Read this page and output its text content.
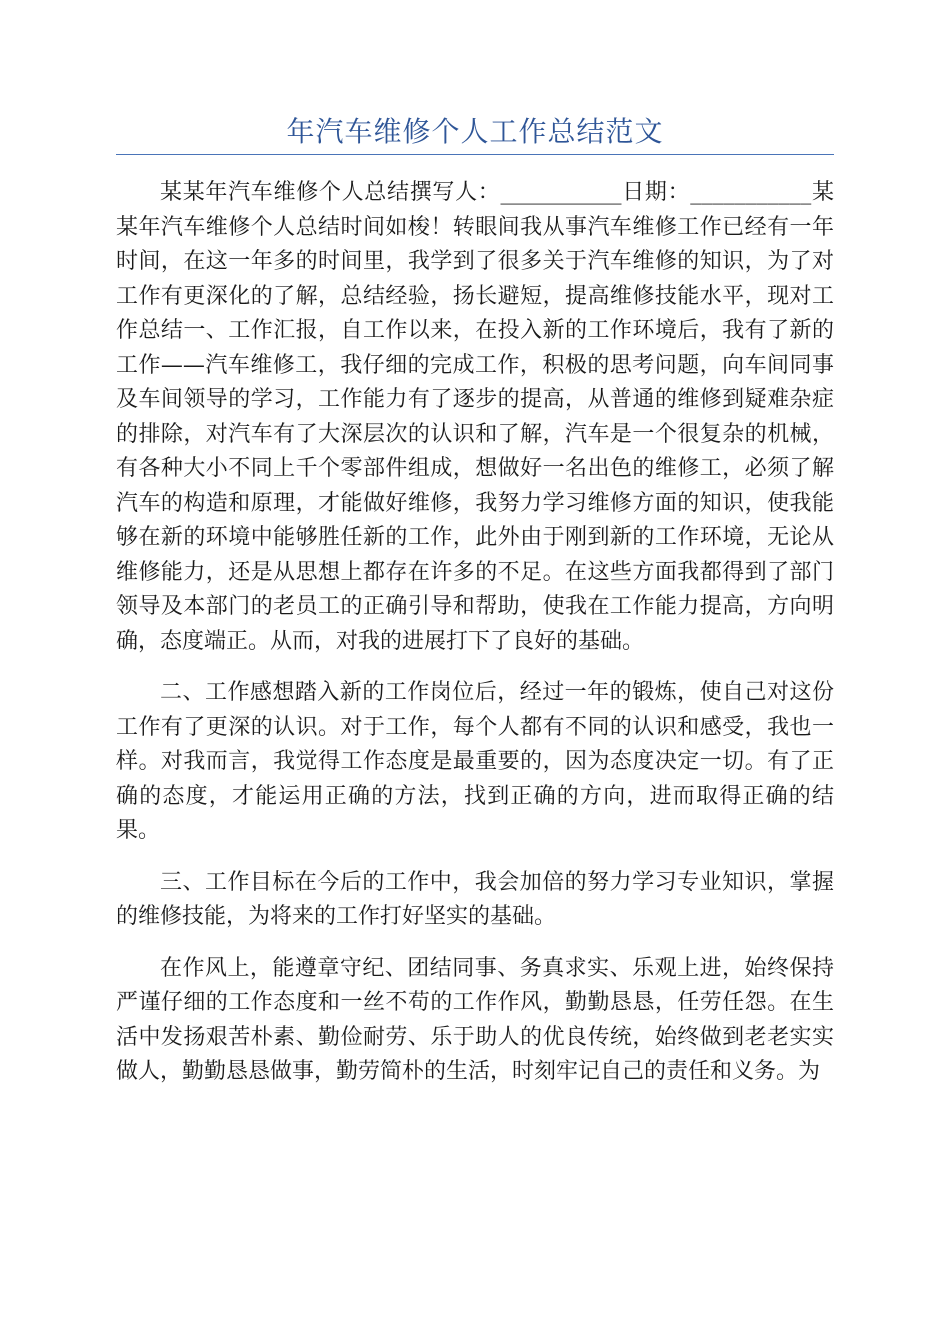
年汽车维修个人工作总结范文

某某年汽车维修个人总结撰写人：___________日期：___________某某年汽车维修个人总结时间如梭！转眼间我从事汽车维修工作已经有一年时间，在这一年多的时间里，我学到了很多关于汽车维修的知识，为了对工作有更深化的了解，总结经验，扬长避短，提高维修技能水平，现对工作总结一、工作汇报，自工作以来，在投入新的工作环境后，我有了新的工作——汽车维修工，我仔细的完成工作，积极的思考问题，向车间同事及车间领导的学习，工作能力有了逐步的提高，从普通的维修到疑难杂症的排除，对汽车有了大深层次的认识和了解，汽车是一个很复杂的机械，有各种大小不同上千个零部件组成，想做好一名出色的维修工，必须了解汽车的构造和原理，才能做好维修，我努力学习维修方面的知识，使我能够在新的环境中能够胜任新的工作，此外由于刚到新的工作环境，无论从维修能力，还是从思想上都存在许多的不足。在这些方面我都得到了部门领导及本部门的老员工的正确引导和帮助，使我在工作能力提高，方向明确，态度端正。从而，对我的进展打下了良好的基础。

二、工作感想踏入新的工作岗位后，经过一年的锻炼，使自己对这份工作有了更深的认识。对于工作，每个人都有不同的认识和感受，我也一样。对我而言，我觉得工作态度是最重要的，因为态度决定一切。有了正确的态度，才能运用正确的方法，找到正确的方向，进而取得正确的结果。

三、工作目标在今后的工作中，我会加倍的努力学习专业知识，掌握的维修技能，为将来的工作打好坚实的基础。

在作风上，能遵章守纪、团结同事、务真求实、乐观上进，始终保持严谨仔细的工作态度和一丝不苟的工作作风，勤勤恳恳，任劳任怨。在生活中发扬艰苦朴素、勤俭耐劳、乐于助人的优良传统，始终做到老老实实做人，勤勤恳恳做事，勤劳简朴的生活，时刻牢记自己的责任和义务。为
